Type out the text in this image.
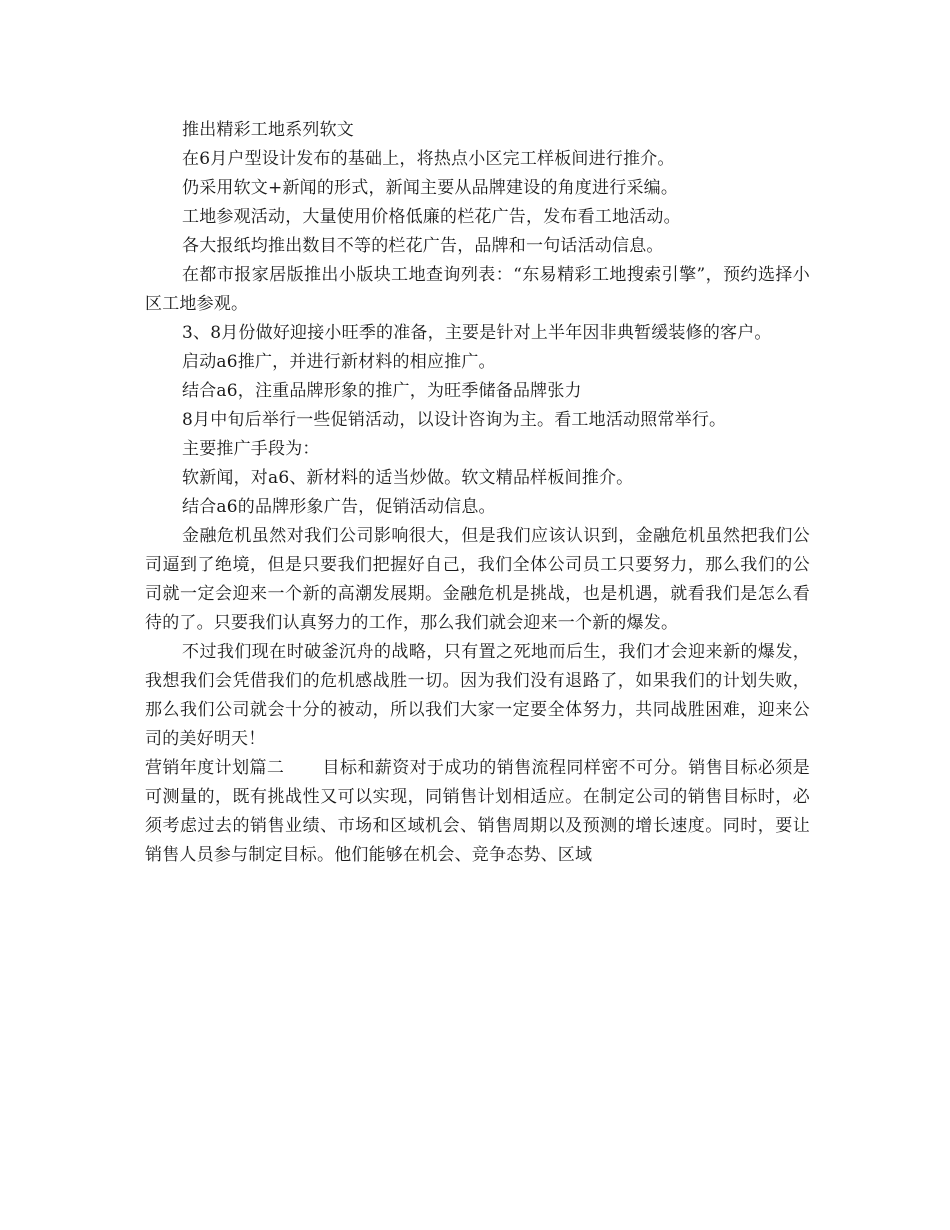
推出精彩工地系列软文

在6月户型设计发布的基础上，将热点小区完工样板间进行推介。

仍采用软文+新闻的形式，新闻主要从品牌建设的角度进行采编。

工地参观活动，大量使用价格低廉的栏花广告，发布看工地活动。

各大报纸均推出数目不等的栏花广告，品牌和一句话活动信息。

在都市报家居版推出小版块工地查询列表：“东易精彩工地搜索引擎”，预约选择小区工地参观。

3、8月份做好迎接小旺季的准备，主要是针对上半年因非典暂缓装修的客户。

启动a6推广，并进行新材料的相应推广。

结合a6，注重品牌形象的推广，为旺季储备品牌张力

8月中旬后举行一些促销活动，以设计咨询为主。看工地活动照常举行。

主要推广手段为：

软新闻，对a6、新材料的适当炒做。软文精品样板间推介。

结合a6的品牌形象广告，促销活动信息。

金融危机虽然对我们公司影响很大，但是我们应该认识到，金融危机虽然把我们公司逼到了绝境，但是只要我们把握好自己，我们全体公司员工只要努力，那么我们的公司就一定会迎来一个新的高潮发展期。金融危机是挑战，也是机遇，就看我们是怎么看待的了。只要我们认真努力的工作，那么我们就会迎来一个新的爆发。

不过我们现在时破釜沉舟的战略，只有置之死地而后生，我们才会迎来新的爆发，我想我们会凭借我们的危机感战胜一切。因为我们没有退路了，如果我们的计划失败，那么我们公司就会十分的被动，所以我们大家一定要全体努力，共同战胜困难，迎来公司的美好明天！

营销年度计划篇二 目标和薪资对于成功的销售流程同样密不可分。销售目标必须是可测量的，既有挑战性又可以实现，同销售计划相适应。在制定公司的销售目标时，必须考虑过去的销售业绩、市场和区域机会、销售周期以及预测的增长速度。同时，要让销售人员参与制定目标。他们能够在机会、竞争态势、区域
